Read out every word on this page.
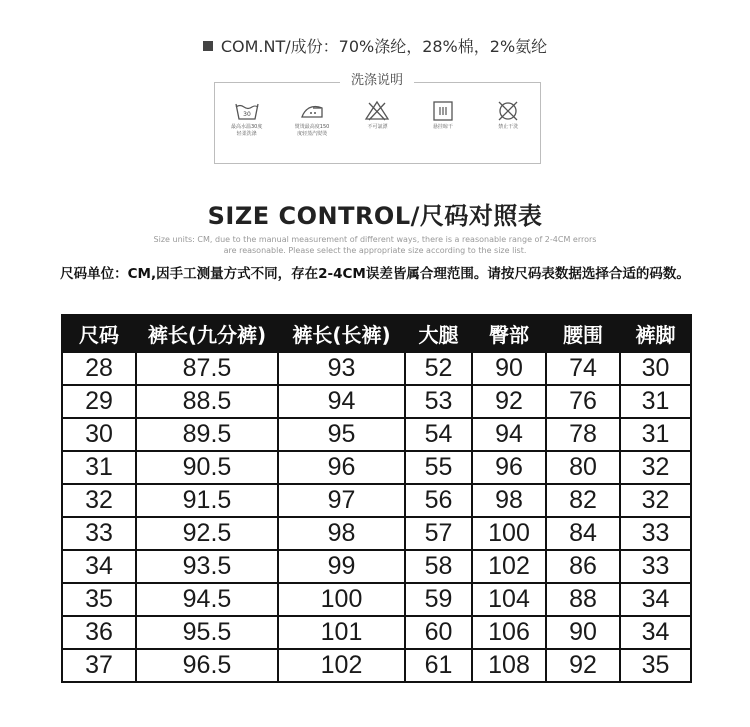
COM.NT/成份：70%涤纶，28%棉，2%氨纶
洗涤说明
30
最高水温30度
轻柔洗涤
熨烫最高度150
度轻蒸汽熨烫
不可氯漂	悬挂晾干	禁止干洗
SIZE CONTROL/尺码对照表
Size units: CM, due to the manual measurement of different ways, there is a reasonable range of 2-4CM errors
are reasonable. Please select the appropriate size according to the size list.
尺码单位：CM,因手工测量方式不同，存在2-4CM误差皆属合理范围。请按尺码表数据选择合适的码数。
尺码	裤长(九分裤)	裤长(长裤)	大腿	臀部	腰围	裤脚
28	87.5	93	52	90	74	30
29	88.5	94	53	92	76	31
30	89.5	95	54	94	78	31
31	90.5	96	55	96	80	32
32	91.5	97	56	98	82	32
33	92.5	98	57	100	84	33
34	93.5	99	58	102	86	33
35	94.5	100	59	104	88	34
36	95.5	101	60	106	90	34
37	96.5	102	61	108	92	35
